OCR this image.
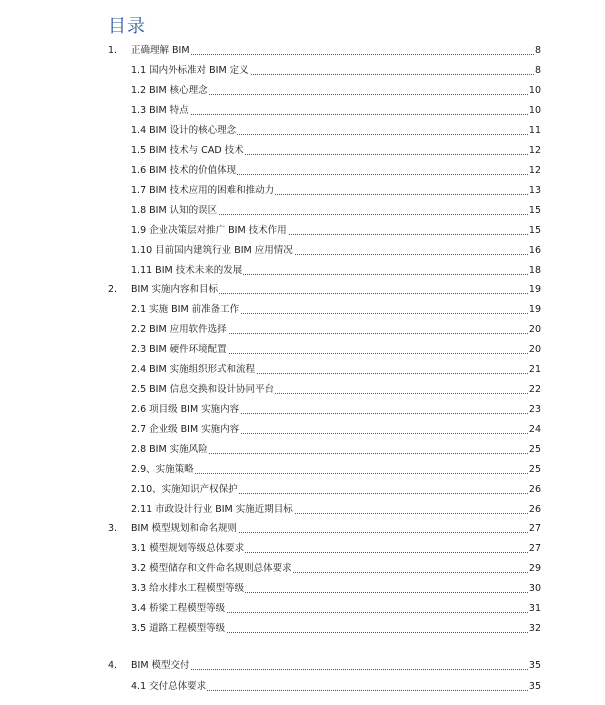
目录
1. 正确理解 BIM	8
1.1 国内外标准对 BIM 定义	8
1.2 BIM 核心理念	10
1.3 BIM 特点	10
1.4 BIM 设计的核心理念	11
1.5 BIM 技术与 CAD 技术	12
1.6 BIM 技术的价值体现	12
1.7 BIM 技术应用的困难和推动力	13
1.8 BIM 认知的误区	15
1.9 企业决策层对推广 BIM 技术作用	15
1.10 目前国内建筑行业 BIM 应用情况	16
1.11 BIM 技术未来的发展	18
2. BIM 实施内容和目标	19
2.1 实施 BIM 前准备工作	19
2.2 BIM 应用软件选择	20
2.3 BIM 硬件环境配置	20
2.4 BIM 实施组织形式和流程	21
2.5 BIM 信息交换和设计协同平台	22
2.6 项目级 BIM 实施内容	23
2.7 企业级 BIM 实施内容	24
2.8 BIM 实施风险	25
2.9、实施策略	25
2.10、实施知识产权保护	26
2.11 市政设计行业 BIM 实施近期目标	26
3. BIM 模型规划和命名规则	27
3.1 模型规划等级总体要求	27
3.2 模型储存和文件命名规则总体要求	29
3.3 给水排水工程模型等级	30
3.4 桥梁工程模型等级	31
3.5 道路工程模型等级	32
4. BIM 模型交付	35
4.1 交付总体要求	35
